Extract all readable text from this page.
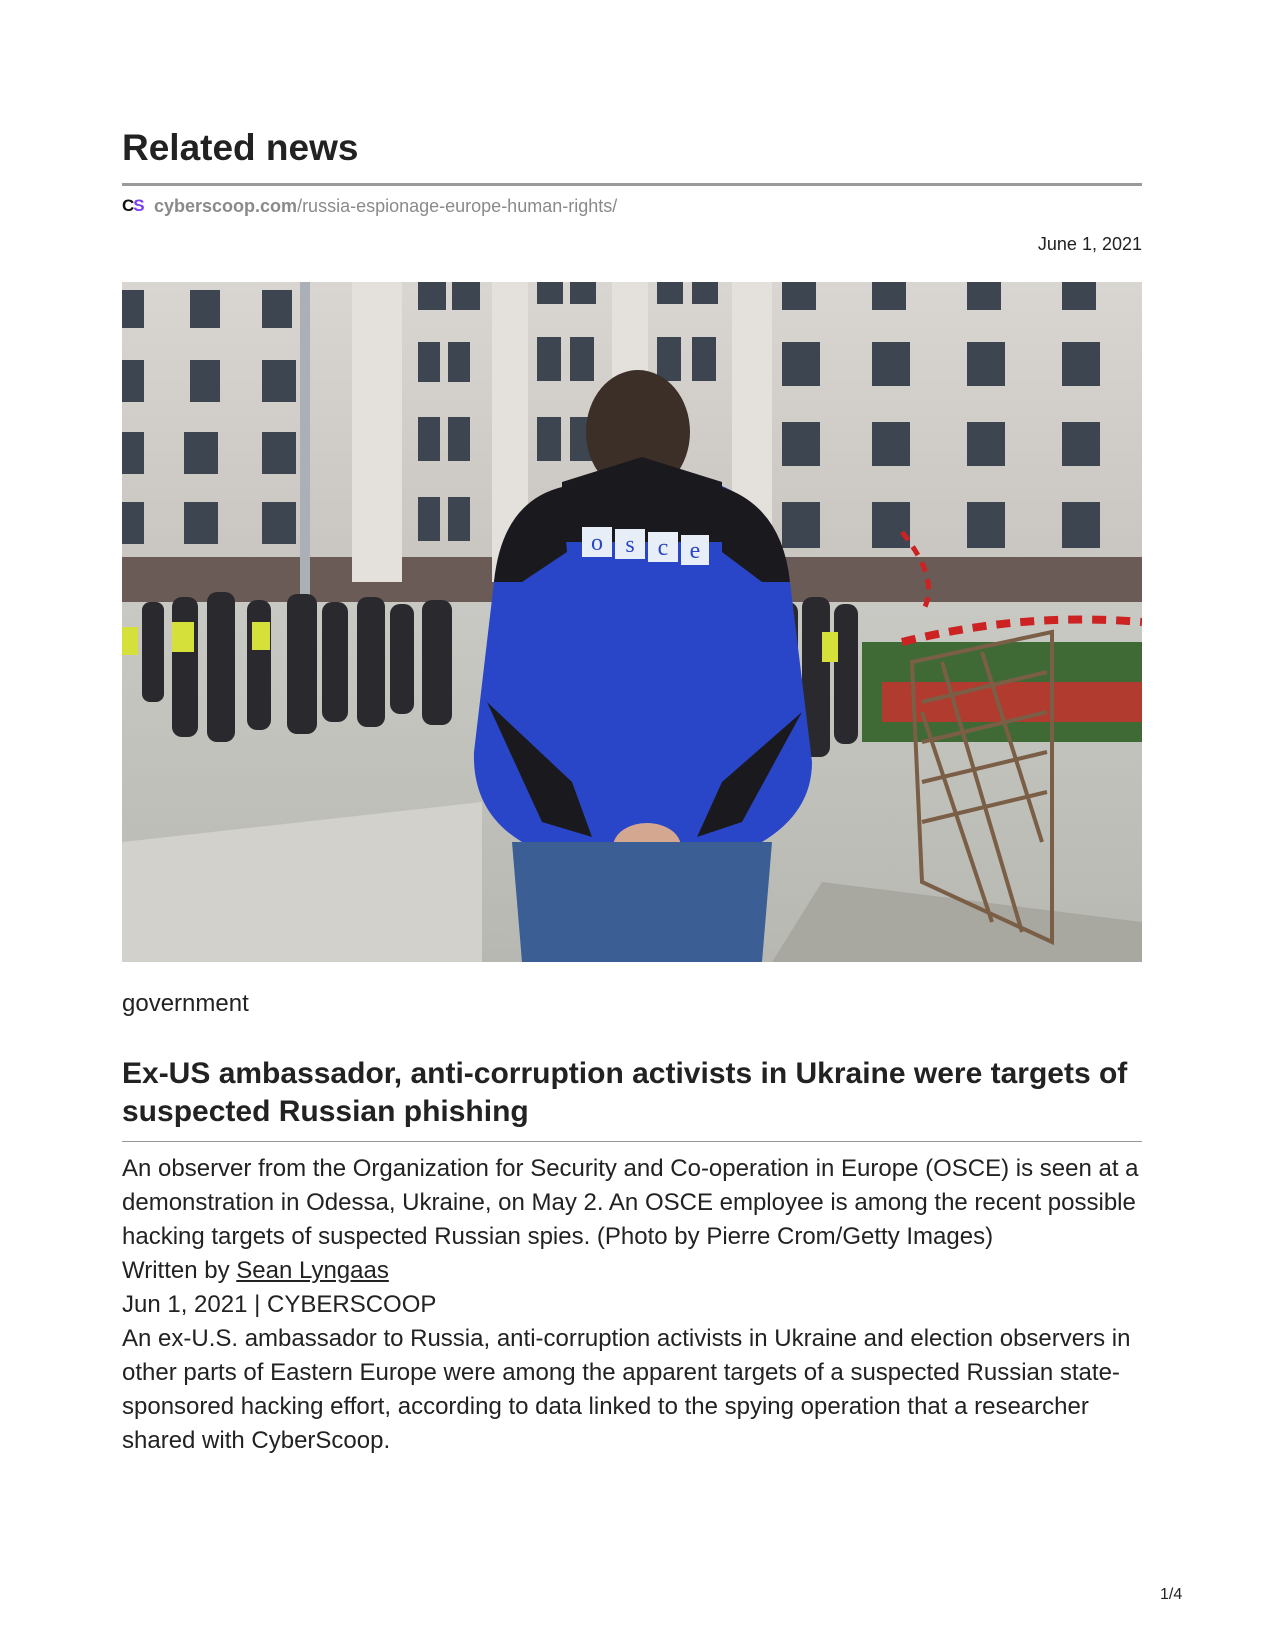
Related news
CS cyberscoop.com /russia-espionage-europe-human-rights/
June 1, 2021
o s c e
government
Ex-US ambassador, anti-corruption activists in Ukraine were targets of suspected Russian phishing

An observer from the Organization for Security and Co-operation in Europe (OSCE) is seen at a demonstration in Odessa, Ukraine, on May 2. An OSCE employee is among the recent possible hacking targets of suspected Russian spies. (Photo by Pierre Crom/Getty Images)

Written by Sean Lyngaas

Jun 1, 2021 | CYBERSCOOP

An ex-U.S. ambassador to Russia, anti-corruption activists in Ukraine and election observers in other parts of Eastern Europe were among the apparent targets of a suspected Russian state-sponsored hacking effort, according to data linked to the spying operation that a researcher shared with CyberScoop.

1/4
